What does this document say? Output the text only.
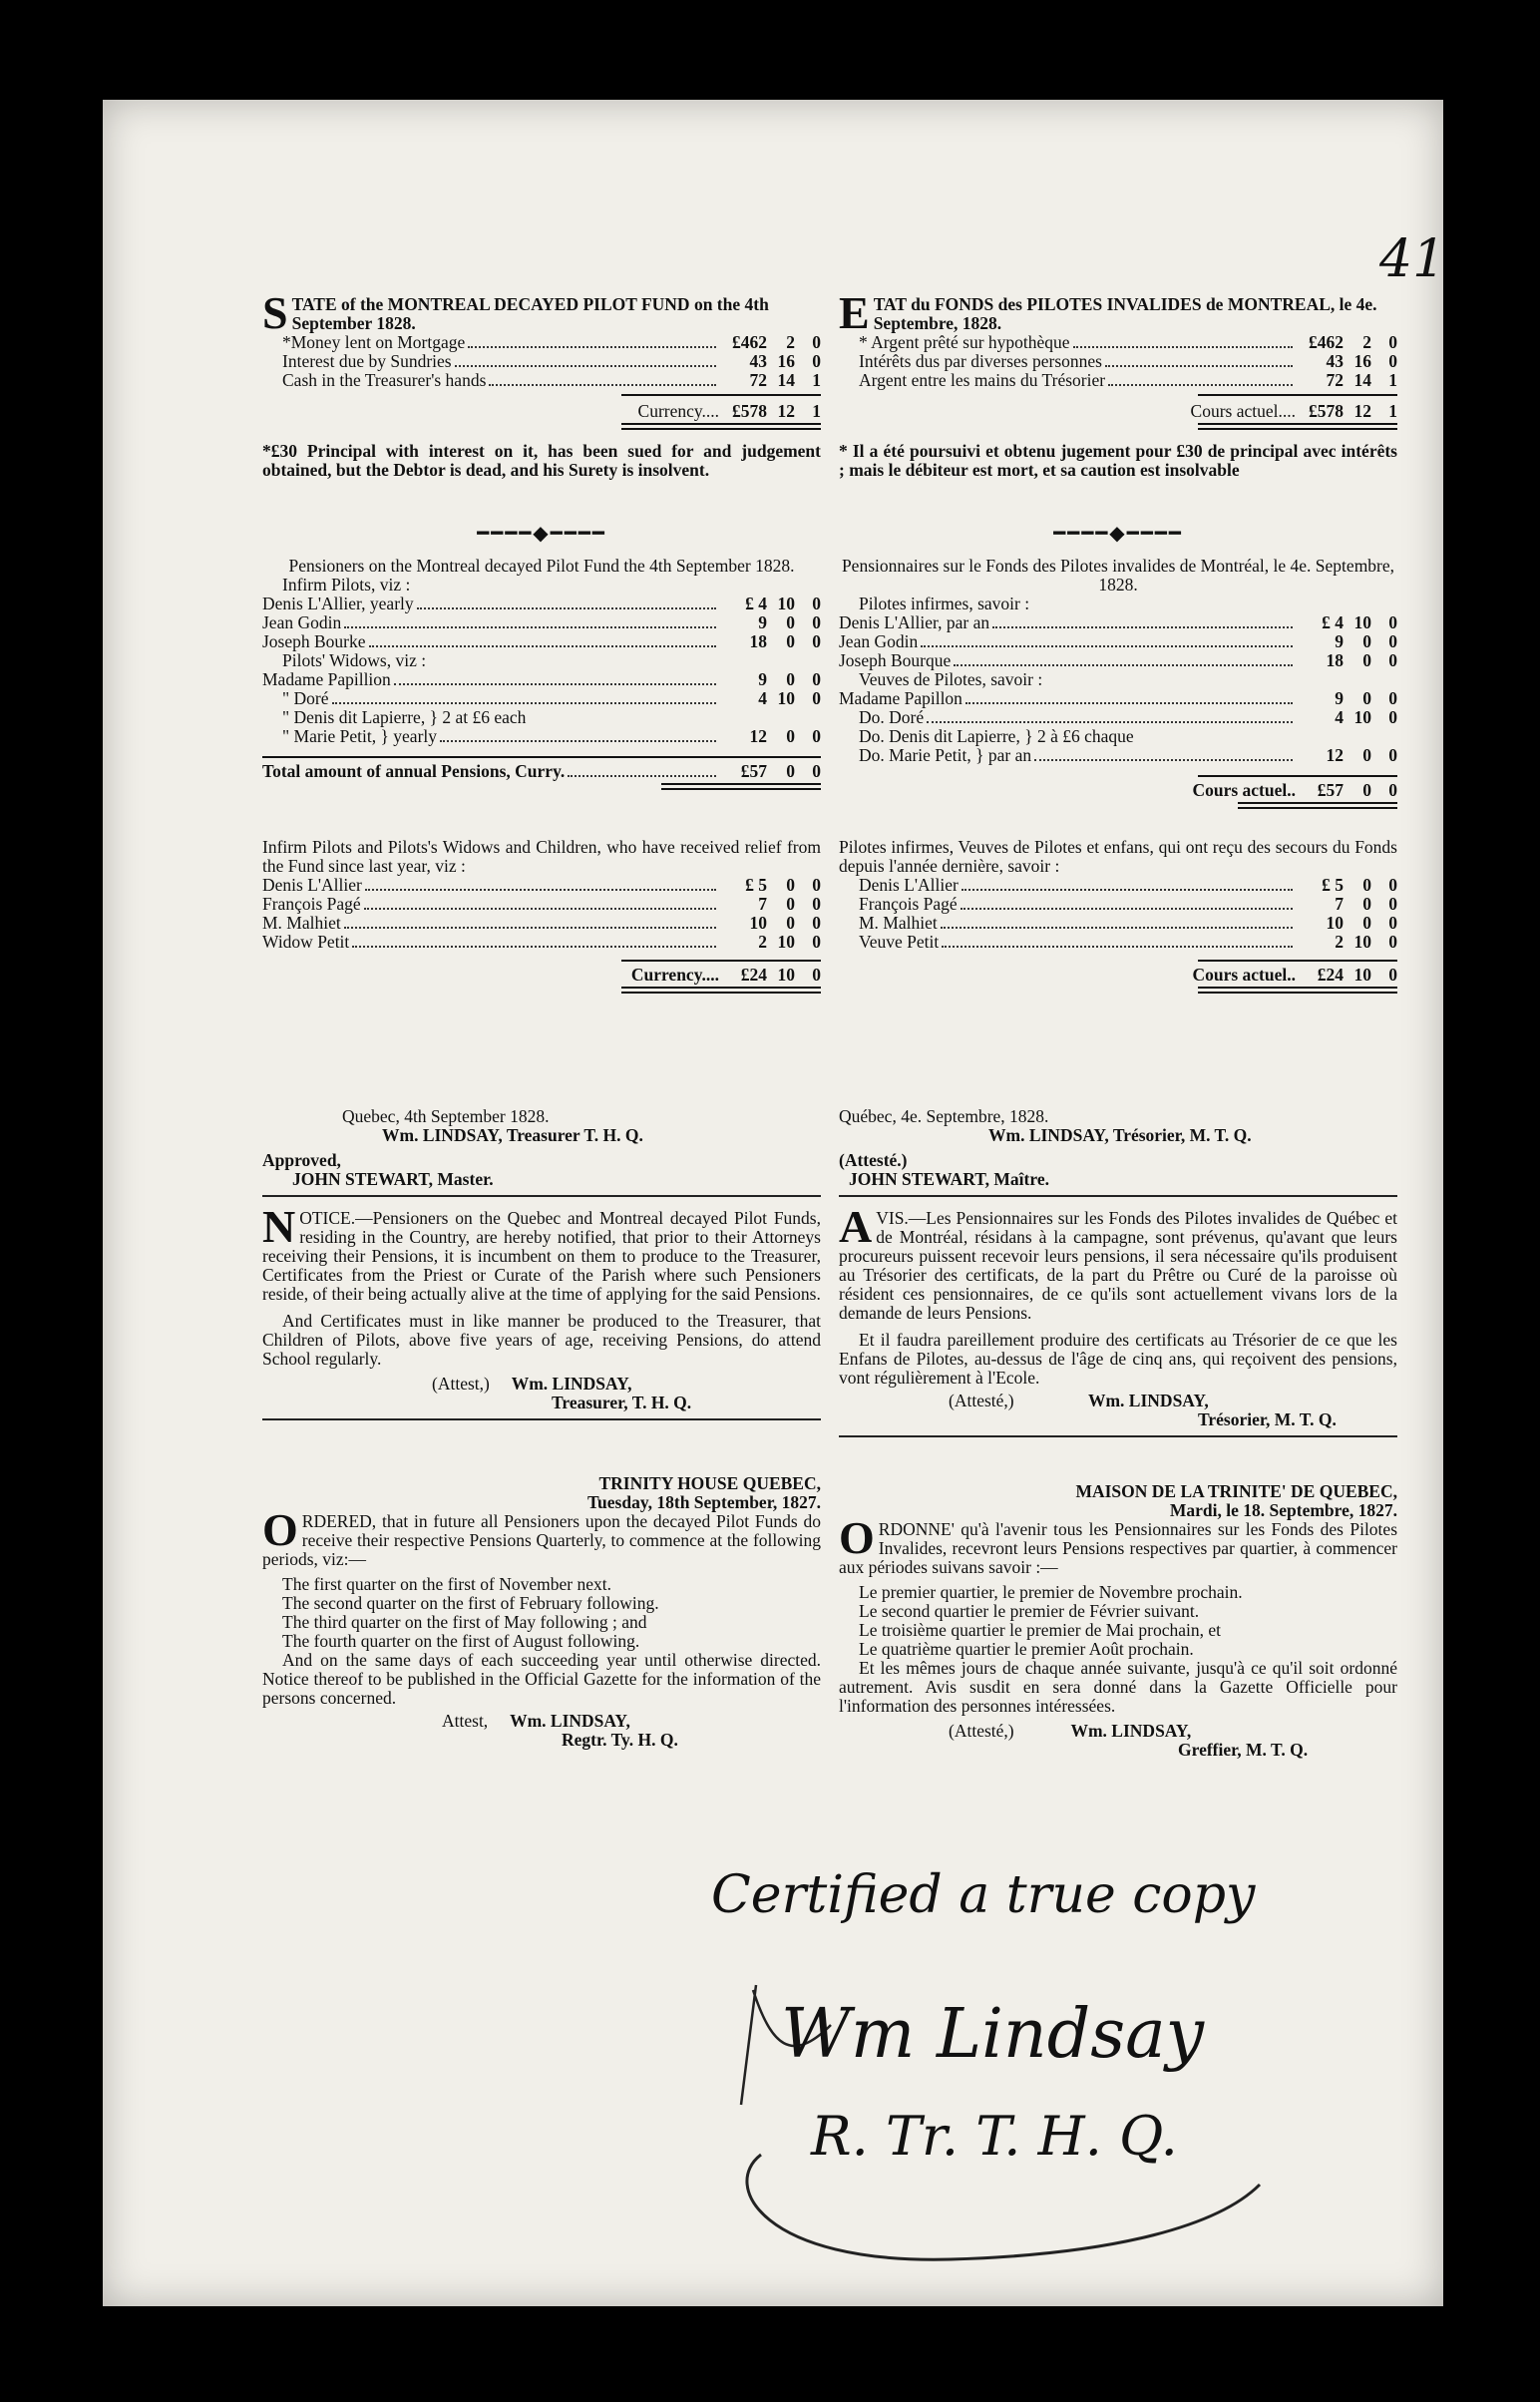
41
STATE of the MONTREAL DECAYED PILOT FUND on the 4th September 1828.
*Money lent on Mortgage	£462	2 0
Interest due by Sundries	43 16 0
Cash in the Treasurer's hands	72 14 1
Currency.... £578 12 1
*£30 Principal with interest on it, has been sued for and judgement obtained, but the Debtor is dead, and his Surety is insolvent.
━━━━◆━━━━
Pensioners on the Montreal decayed Pilot Fund the 4th September 1828.
Infirm Pilots, viz :
Denis L'Allier, yearly	£ 4 10 0
Jean Godin	9	0 0
Joseph Bourke	18	0 0
Pilots' Widows, viz :
Madame Papillion	9	0 0
" Doré	4 10 0
" Denis dit Lapierre, } 2 at £6 each
" Marie Petit, } yearly	12	0 0
Total amount of annual Pensions, Curry.	£57	0 0
Infirm Pilots and Pilots's Widows and Children, who have received relief from the Fund since last year, viz :
Denis L'Allier	£ 5	0 0
François Pagé	7	0 0
M. Malhiet	10	0 0
Widow Petit	2 10 0
Currency....	£24 10 0
Quebec, 4th September 1828.
Wm. LINDSAY, Treasurer T. H. Q.
Approved,
JOHN STEWART, Master.
NOTICE.—Pensioners on the Quebec and Montreal decayed Pilot Funds, residing in the Country, are hereby notified, that prior to their Attorneys receiving their Pensions, it is incumbent on them to produce to the Treasurer, Certificates from the Priest or Curate of the Parish where such Pensioners reside, of their being actually alive at the time of applying for the said Pensions.
And Certificates must in like manner be produced to the Treasurer, that Children of Pilots, above five years of age, receiving Pensions, do attend School regularly.
(Attest,) Wm. LINDSAY,
Treasurer, T. H. Q.
TRINITY HOUSE QUEBEC,
Tuesday, 18th September, 1827.
ORDERED, that in future all Pensioners upon the decayed Pilot Funds do receive their respective Pensions Quarterly, to commence at the following periods, viz:—
The first quarter on the first of November next.
The second quarter on the first of February following.
The third quarter on the first of May following ; and
The fourth quarter on the first of August following.
And on the same days of each succeeding year until otherwise directed. Notice thereof to be published in the Official Gazette for the information of the persons concerned.
Attest, Wm. LINDSAY,
Regtr. Ty. H. Q.
ETAT du FONDS des PILOTES INVALIDES de MONTREAL, le 4e. Septembre, 1828.
* Argent prêté sur hypothèque	£462	2 0
Intérêts dus par diverses personnes	43 16 0
Argent entre les mains du Trésorier	72 14 1
Cours actuel.... £578 12 1
* Il a été poursuivi et obtenu jugement pour £30 de principal avec intérêts ; mais le débiteur est mort, et sa caution est insolvable
━━━━◆━━━━
Pensionnaires sur le Fonds des Pilotes invalides de Montréal, le 4e. Septembre, 1828.
Pilotes infirmes, savoir :
Denis L'Allier, par an	£ 4 10 0
Jean Godin	9	0 0
Joseph Bourque	18	0 0
Veuves de Pilotes, savoir :
Madame Papillon	9	0 0
Do. Doré	4 10 0
Do. Denis dit Lapierre, } 2 à £6 chaque
Do. Marie Petit, } par an	12	0 0
Cours actuel..	£57	0 0
Pilotes infirmes, Veuves de Pilotes et enfans, qui ont reçu des secours du Fonds depuis l'année dernière, savoir :
Denis L'Allier	£ 5	0 0
François Pagé	7	0 0
M. Malhiet	10	0 0
Veuve Petit	2 10 0
Cours actuel..	£24 10 0
Québec, 4e. Septembre, 1828.
Wm. LINDSAY, Trésorier, M. T. Q.
(Attesté.)
JOHN STEWART, Maître.
AVIS.—Les Pensionnaires sur les Fonds des Pilotes invalides de Québec et de Montréal, résidans à la campagne, sont prévenus, qu'avant que leurs procureurs puissent recevoir leurs pensions, il sera nécessaire qu'ils produisent au Trésorier des certificats, de la part du Prêtre ou Curé de la paroisse où résident ces pensionnaires, de ce qu'ils sont actuellement vivans lors de la demande de leurs Pensions.
Et il faudra pareillement produire des certificats au Trésorier de ce que les Enfans de Pilotes, au-dessus de l'âge de cinq ans, qui reçoivent des pensions, vont régulièrement à l'Ecole.
(Attesté,)	Wm. LINDSAY,
Trésorier, M. T. Q.
MAISON DE LA TRINITE' DE QUEBEC,
Mardi, le 18. Septembre, 1827.
ORDONNE' qu'à l'avenir tous les Pensionnaires sur les Fonds des Pilotes Invalides, recevront leurs Pensions respectives par quartier, à commencer aux périodes suivans savoir :—
Le premier quartier, le premier de Novembre prochain.
Le second quartier le premier de Février suivant.
Le troisième quartier le premier de Mai prochain, et
Le quatrième quartier le premier Août prochain.
Et les mêmes jours de chaque année suivante, jusqu'à ce qu'il soit ordonné autrement. Avis susdit en sera donné dans la Gazette Officielle pour l'information des personnes intéressées.
(Attesté,)	Wm. LINDSAY,
Greffier, M. T. Q.
Certified a true copy
Wm Lindsay
R. Tr. T. H. Q.
